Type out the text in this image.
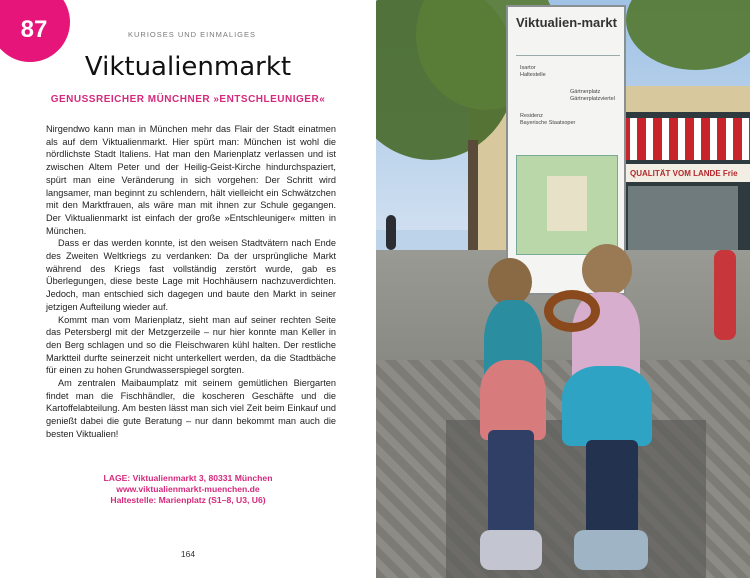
87	KURIOSES UND EINMALIGES
Viktualienmarkt
GENUSSREICHER MÜNCHNER »ENTSCHLEUNIGER«

Nirgendwo kann man in München mehr das Flair der Stadt einatmen als auf dem Viktualienmarkt. Hier spürt man: München ist wohl die nördlichste Stadt Italiens. Hat man den Marienplatz verlassen und ist zwischen Altem Peter und der Heilig-Geist-Kirche hindurchspaziert, spürt man eine Veränderung in sich vorgehen: Der Schritt wird langsamer, man beginnt zu schlendern, hält vielleicht ein Schwätzchen mit den Marktfrauen, als wäre man mit ihnen zur Schule gegangen. Der Viktualienmarkt ist einfach der große »Entschleuniger« mitten in München.

Dass er das werden konnte, ist den weisen Stadtvätern nach Ende des Zweiten Weltkriegs zu verdanken: Da der ursprüngliche Markt während des Kriegs fast vollständig zerstört wurde, gab es Überlegungen, diese beste Lage mit Hochhäusern nachzuverdichten. Jedoch, man entschied sich dagegen und baute den Markt in seiner jetzigen Aufteilung wieder auf.

Kommt man vom Marienplatz, sieht man auf seiner rechten Seite das Petersbergl mit der Metzgerzeile – nur hier konnte man Keller in den Berg schlagen und so die Fleischwaren kühl halten. Der restliche Marktteil durfte seinerzeit nicht unterkellert werden, da die Stadtbäche für einen zu hohen Grundwasserspiegel sorgten.

Am zentralen Maibaumplatz mit seinem gemütlichen Biergarten findet man die Fischhändler, die koscheren Geschäfte und die Kartoffelabteilung. Am besten lässt man sich viel Zeit beim Einkauf und genießt dabei die gute Beratung – nur dann bekommt man auch die besten Viktualien!

LAGE: Viktualienmarkt 3, 80331 München
www.viktualienmarkt-muenchen.de
Haltestelle: Marienplatz (S1–8, U3, U6)
164
QUALITÄT VOM LANDE Frie
Viktualien-markt
Isartor
Haltestelle
Gärtnerplatz
Gärtnerplatzviertel
Residenz
Bayerische Staatsoper
